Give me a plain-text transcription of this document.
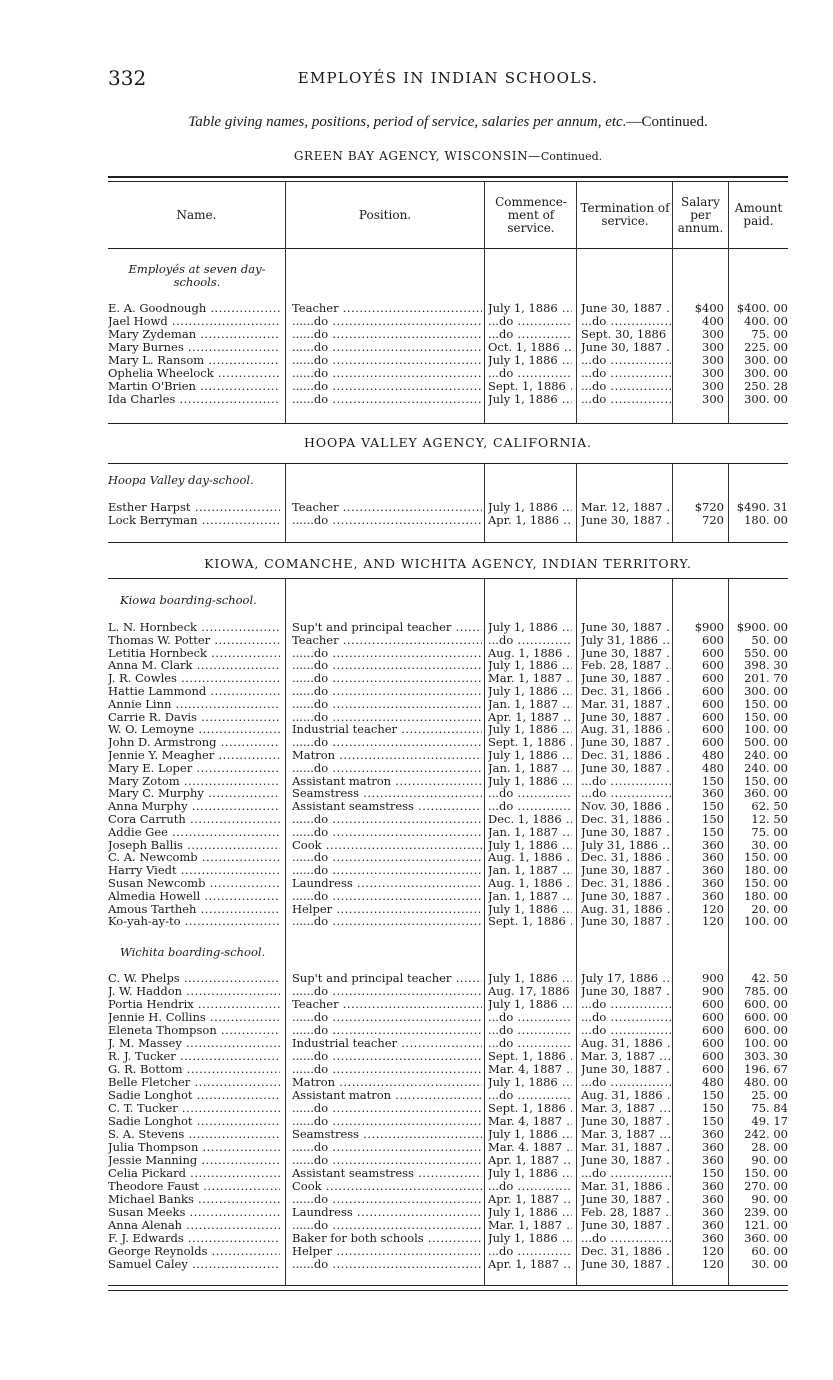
332	EMPLOYÉS IN INDIAN SCHOOLS.
Table giving names, positions, period of service, salaries per annum, etc.—Continued.
GREEN BAY AGENCY, WISCONSIN—Continued.
Name.	Position.
Commence-ment of service.
Termination of service.
Salary per annum.
Amount paid.
Employés at seven day-schools.
HOOPA VALLEY AGENCY, CALIFORNIA.
Hoopa Valley day-school.
KIOWA, COMANCHE, AND WICHITA AGENCY, INDIAN TERRITORY.
Kiowa boarding-school.
Wichita boarding-school.
E. A. Goodnough .....	Teacher .....	July 1, 1886 .....	June 30, 1887 .....	$400	$400. 00
Jael Howd .....	......do .....	...do .....	...do .....	400	400. 00
Mary Zydeman .....	......do .....	...do .....	Sept. 30, 1886 .....	300	75. 00
Mary Burnes .....	......do .....	Oct. 1, 1886 .....	June 30, 1887 .....	300	225. 00
Mary L. Ransom .....	......do .....	July 1, 1886 .....	...do .....	300	300. 00
Ophelia Wheelock .....	......do .....	...do .....	...do .....	300	300. 00
Martin O'Brien .....	......do .....	Sept. 1, 1886 .....	...do .....	300	250. 28
Ida Charles .....	......do .....	July 1, 1886 .....	...do .....	300	300. 00
Esther Harpst .....	Teacher .....	July 1, 1886 .....	Mar. 12, 1887 .....	$720	$490. 31
Lock Berryman .....	......do .....	Apr. 1, 1886 .....	June 30, 1887 .....	720	180. 00
L. N. Hornbeck .....	Sup't and principal teacher .....	July 1, 1886 .....	June 30, 1887 .....	$900	$900. 00
Thomas W. Potter .....	Teacher .....	...do .....	July 31, 1886 .....	600	50. 00
Letitia Hornbeck .....	......do .....	Aug. 1, 1886 .....	June 30, 1887 .....	600	550. 00
Anna M. Clark .....	......do .....	July 1, 1886 .....	Feb. 28, 1887 .....	600	398. 30
J. R. Cowles .....	......do .....	Mar. 1, 1887 .....	June 30, 1887 .....	600	201. 70
Hattie Lammond .....	......do .....	July 1, 1886 .....	Dec. 31, 1866 .....	600	300. 00
Annie Linn .....	......do .....	Jan. 1, 1887 .....	Mar. 31, 1887 .....	600	150. 00
Carrie R. Davis .....	......do .....	Apr. 1, 1887 .....	June 30, 1887 .....	600	150. 00
W. O. Lemoyne .....	Industrial teacher .....	July 1, 1886 .....	Aug. 31, 1886 .....	600	100. 00
John D. Armstrong .....	......do .....	Sept. 1, 1886 .....	June 30, 1887 .....	600	500. 00
Jennie Y. Meagher .....	Matron .....	July 1, 1886 .....	Dec. 31, 1886 .....	480	240. 00
Mary E. Loper .....	......do .....	Jan. 1, 1887 .....	June 30, 1887 .....	480	240. 00
Mary Zotom .....	Assistant matron .....	July 1, 1886 .....	...do .....	150	150. 00
Mary C. Murphy .....	Seamstress .....	...do .....	...do .....	360	360. 00
Anna Murphy .....	Assistant seamstress .....	...do .....	Nov. 30, 1886 .....	150	62. 50
Cora Carruth .....	......do .....	Dec. 1, 1886 .....	Dec. 31, 1886 .....	150	12. 50
Addie Gee .....	......do .....	Jan. 1, 1887 .....	June 30, 1887 .....	150	75. 00
Joseph Ballis .....	Cook .....	July 1, 1886 .....	July 31, 1886 .....	360	30. 00
C. A. Newcomb .....	......do .....	Aug. 1, 1886 .....	Dec. 31, 1886 .....	360	150. 00
Harry Viedt .....	......do .....	Jan. 1, 1887 .....	June 30, 1887 .....	360	180. 00
Susan Newcomb .....	Laundress .....	Aug. 1, 1886 .....	Dec. 31, 1886 .....	360	150. 00
Almedia Howell .....	......do .....	Jan. 1, 1887 .....	June 30, 1887 .....	360	180. 00
Amous Tartheh .....	Helper .....	July 1, 1886 .....	Aug. 31, 1886 .....	120	20. 00
Ko-yah-ay-to .....	......do .....	Sept. 1, 1886 .....	June 30, 1887 .....	120	100. 00
C. W. Phelps .....	Sup't and principal teacher .....	July 1, 1886 .....	July 17, 1886 .....	900	42. 50
J. W. Haddon .....	......do .....	Aug. 17, 1886 ..... June 30, 1887 .....	900	785. 00
Portia Hendrix .....	Teacher .....	July 1, 1886 .....	...do .....	600	600. 00
Jennie H. Collins .....	......do .....	...do .....	...do .....	600	600. 00
Eleneta Thompson .....	......do .....	...do .....	...do .....	600	600. 00
J. M. Massey .....	Industrial teacher .....	...do .....	Aug. 31, 1886 .....	600	100. 00
R. J. Tucker .....	......do .....	Sept. 1, 1886 .....	Mar. 3, 1887 .....	600	303. 30
G. R. Bottom .....	......do .....	Mar. 4, 1887 .....	June 30, 1887 .....	600	196. 67
Belle Fletcher .....	Matron .....	July 1, 1886 .....	...do .....	480	480. 00
Sadie Longhot .....	Assistant matron .....	...do .....	Aug. 31, 1886 .....	150	25. 00
C. T. Tucker .....	......do .....	Sept. 1, 1886 .....	Mar. 3, 1887 .....	150	75. 84
Sadie Longhot .....	......do .....	Mar. 4, 1887 .....	June 30, 1887 .....	150	49. 17
S. A. Stevens .....	Seamstress .....	July 1, 1886 .....	Mar. 3, 1887 .....	360	242. 00
Julia Thompson .....	......do .....	Mar. 4. 1887 .....	Mar. 31, 1887 .....	360	28. 00
Jessie Manning .....	......do .....	Apr. 1, 1887 .....	June 30, 1887 .....	360	90. 00
Celia Pickard .....	Assistant seamstress .....	July 1, 1886 .....	...do .....	150	150. 00
Theodore Faust .....	Cook .....	...do .....	Mar. 31, 1886 .....	360	270. 00
Michael Banks .....	......do .....	Apr. 1, 1887 .....	June 30, 1887 .....	360	90. 00
Susan Meeks .....	Laundress .....	July 1, 1886 .....	Feb. 28, 1887 .....	360	239. 00
Anna Alenah .....	......do .....	Mar. 1, 1887 .....	June 30, 1887 .....	360	121. 00
F. J. Edwards .....	Baker for both schools .....	July 1, 1886 .....	...do .....	360	360. 00
George Reynolds .....	Helper .....	...do .....	Dec. 31, 1886 .....	120	60. 00
Samuel Caley .....	......do .....	Apr. 1, 1887 .....	June 30, 1887 .....	120	30. 00
